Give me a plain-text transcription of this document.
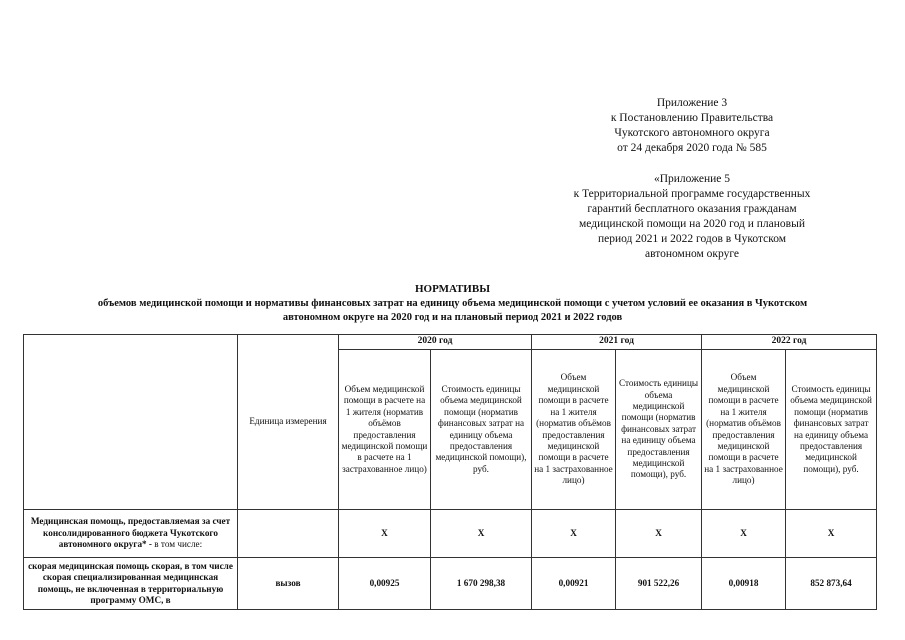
Приложение 3
к Постановлению Правительства
Чукотского автономного округа
от 24 декабря 2020 года № 585
«Приложение 5
к Территориальной программе государственных
гарантий бесплатного оказания гражданам
медицинской помощи на 2020 год и плановый
период 2021 и 2022 годов в Чукотском
автономном округе
НОРМАТИВЫ
объемов медицинской помощи и нормативы финансовых затрат на единицу объема медицинской помощи с учетом условий ее оказания в Чукотском
автономном округе на 2020 год и на плановый период 2021 и 2022 годов
	Единица измерения	2020 год		2021 год		2022 год	
		Объем медицинской помощи в расчете на 1 жителя (норматив объёмов предоставления медицинской помощи в расчете на 1 застрахованное лицо)	Стоимость единицы объема медицинской помощи (норматив финансовых затрат на единицу объема предоставления медицинской помощи), руб.	Объем медицинской помощи в расчете на 1 жителя (норматив объёмов предоставления медицинской помощи в расчете на 1 застрахованное лицо)	Стоимость единицы объема медицинской помощи (норматив финансовых затрат на единицу объема предоставления медицинской помощи), руб.	Объем медицинской помощи в расчете на 1 жителя (норматив объёмов предоставления медицинской помощи в расчете на 1 застрахованное лицо)	Стоимость единицы объема медицинской помощи (норматив финансовых затрат на единицу объема предоставления медицинской помощи), руб.
Медицинская помощь, предоставляемая за счет консолидированного бюджета Чукотского автономного округа* - в том числе:		X	X	X	X	X	X
скорая медицинская помощь скорая, в том числе скорая специализированная медицинская помощь, не включенная в территориальную программу ОМС, в	вызов	0,00925	1 670 298,38	0,00921	901 522,26	0,00918	852 873,64
